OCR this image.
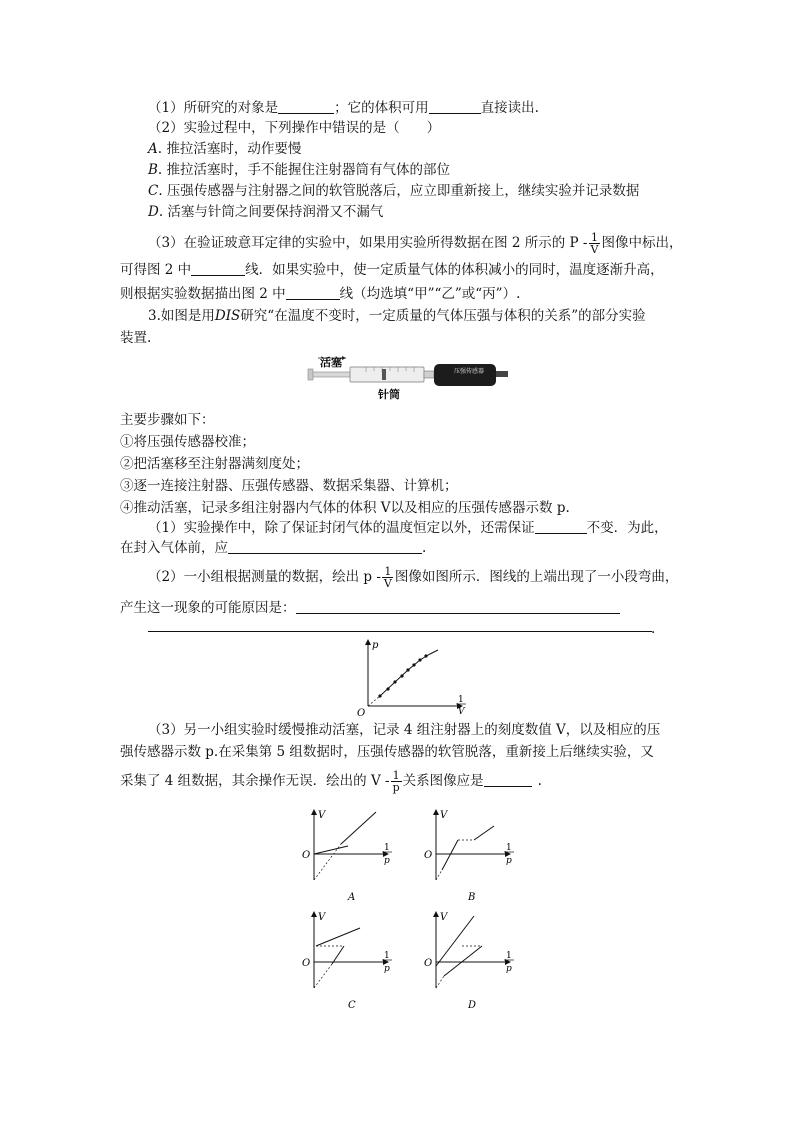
（1）所研究的对象是	；它的体积可用	直接读出.
（2）实验过程中，下列操作中错误的是（　　）
A. 推拉活塞时，动作要慢
B. 推拉活塞时，手不能握住注射器筒有气体的部位
C. 压强传感器与注射器之间的软管脱落后，应立即重新接上，继续实验并记录数据
D. 活塞与针筒之间要保持润滑又不漏气
（3）在验证玻意耳定律的实验中，如果用实验所得数据在图 2 所示的 P - $\frac{1}{V}$ 图像中标出，
可得图 2 中	线．如果实验中，使一定质量气体的体积减小的同时，温度逐渐升高，
则根据实验数据描出图 2 中	线（均选填“甲”“乙”或“丙”）.
3.如图是用DIS研究“在温度不变时，一定质量的气体压强与体积的关系”的部分实验
装置.
活塞
压强传感器
针筒
主要步骤如下：
①将压强传感器校准；
②把活塞移至注射器满刻度处；
③逐一连接注射器、压强传感器、数据采集器、计算机；
④推动活塞，记录多组注射器内气体的体积 V以及相应的压强传感器示数 p.
（1）实验操作中，除了保证封闭气体的温度恒定以外，还需保证	不变．为此，
在封入气体前，应	.
（2）一小组根据测量的数据，绘出 p - $\frac{1}{V}$ 图像如图所示．图线的上端出现了一小段弯曲，
产生这一现象的可能原因是：
.
p
O
1
V
（3）另一小组实验时缓慢推动活塞，记录 4 组注射器上的刻度数值 V，以及相应的压
强传感器示数 p.在采集第 5 组数据时，压强传感器的软管脱落，重新接上后继续实验，又
采集了 4 组数据，其余操作无误．绘出的 V - $\frac{1}{p}$ 关系图像应是	.
V
O
1
p
A
V
O
1
p
B
V
O
1
p
C
V
O
1
p
D
